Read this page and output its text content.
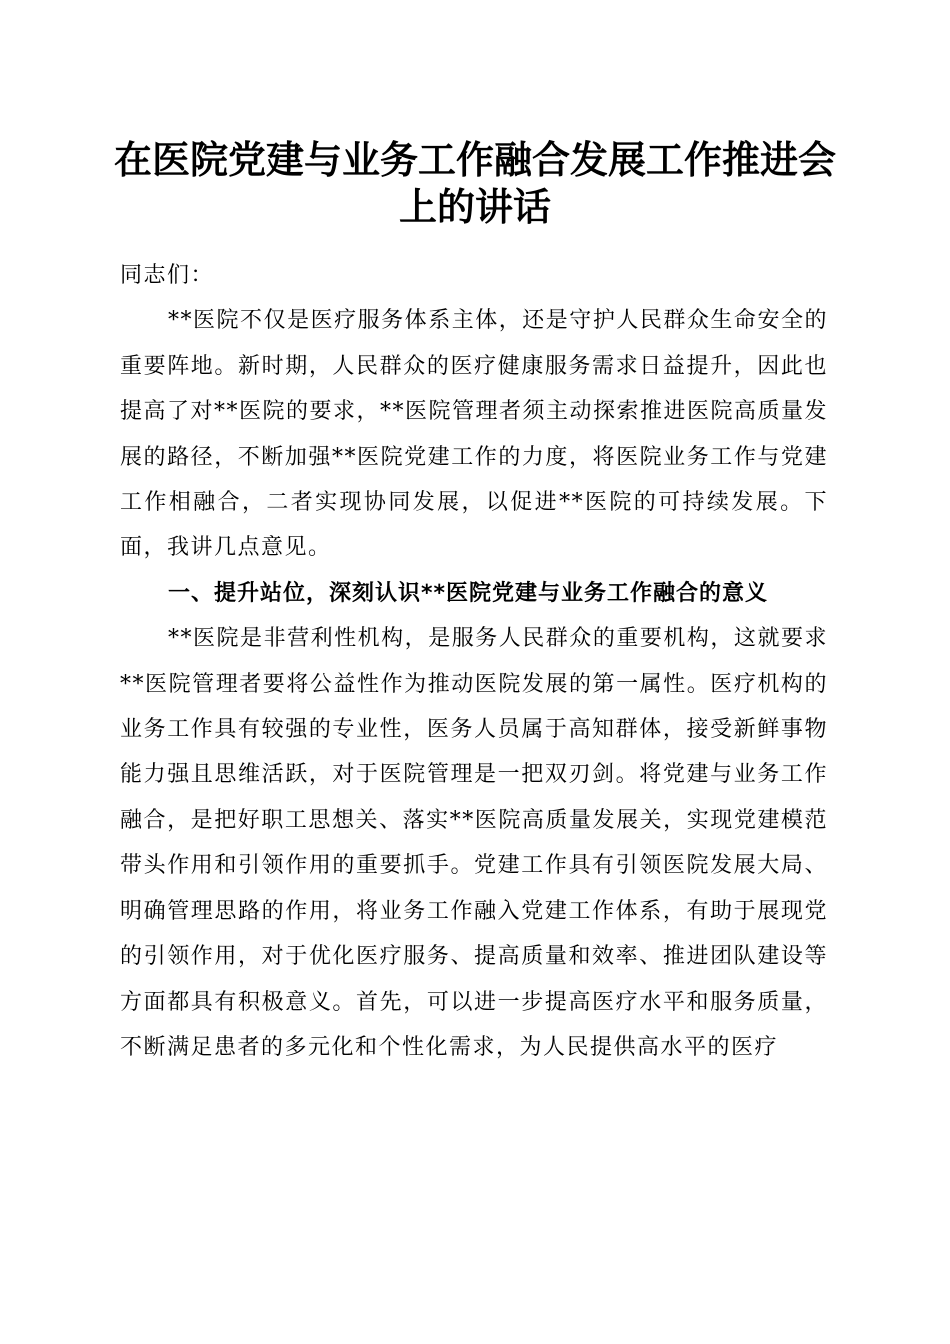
在医院党建与业务工作融合发展工作推进会上的讲话

同志们：

**医院不仅是医疗服务体系主体，还是守护人民群众生命安全的重要阵地。新时期，人民群众的医疗健康服务需求日益提升，因此也提高了对**医院的要求，**医院管理者须主动探索推进医院高质量发展的路径，不断加强**医院党建工作的力度，将医院业务工作与党建工作相融合，二者实现协同发展，以促进**医院的可持续发展。下面，我讲几点意见。

一、提升站位，深刻认识**医院党建与业务工作融合的意义

**医院是非营利性机构，是服务人民群众的重要机构，这就要求**医院管理者要将公益性作为推动医院发展的第一属性。医疗机构的业务工作具有较强的专业性，医务人员属于高知群体，接受新鲜事物能力强且思维活跃，对于医院管理是一把双刃剑。将党建与业务工作融合，是把好职工思想关、落实**医院高质量发展关，实现党建模范带头作用和引领作用的重要抓手。党建工作具有引领医院发展大局、明确管理思路的作用，将业务工作融入党建工作体系，有助于展现党的引领作用，对于优化医疗服务、提高质量和效率、推进团队建设等方面都具有积极意义。首先，可以进一步提高医疗水平和服务质量，不断满足患者的多元化和个性化需求，为人民提供高水平的医疗
